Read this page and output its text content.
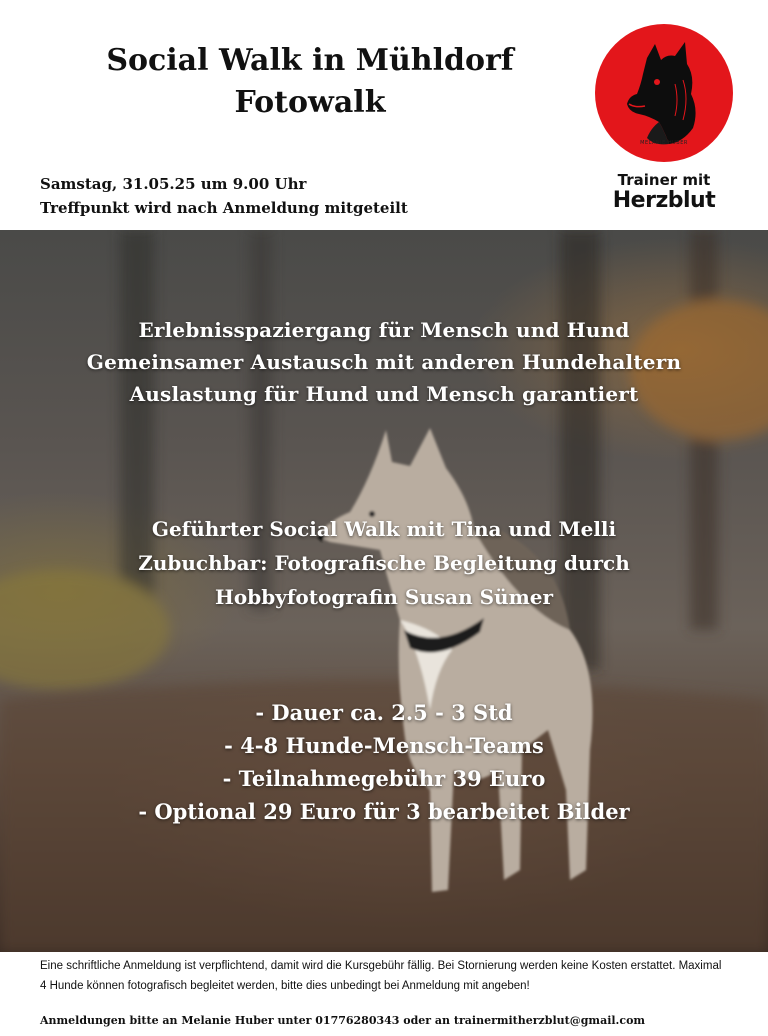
Social Walk in Mühldorf
Fotowalk
Samstag, 31.05.25 um 9.00 Uhr
Treffpunkt wird nach Anmeldung mitgeteilt
MELANIE HUBER
Trainer mit
Herzblut
Erlebnisspaziergang für Mensch und Hund
Gemeinsamer Austausch mit anderen Hundehaltern
Auslastung für Hund und Mensch garantiert
Geführter Social Walk mit Tina und Melli
Zubuchbar: Fotografische Begleitung durch
Hobbyfotografin Susan Sümer
- Dauer ca. 2.5 - 3 Std
- 4-8 Hunde-Mensch-Teams
- Teilnahmegebühr 39 Euro
- Optional 29 Euro für 3 bearbeitet Bilder
Eine schriftliche Anmeldung ist verpflichtend, damit wird die Kursgebühr fällig. Bei Stornierung werden keine Kosten erstattet. Maximal 4 Hunde können fotografisch begleitet werden, bitte dies unbedingt bei Anmeldung mit angeben!
Anmeldungen bitte an Melanie Huber unter 01776280343 oder an trainermitherzblut@gmail.com
